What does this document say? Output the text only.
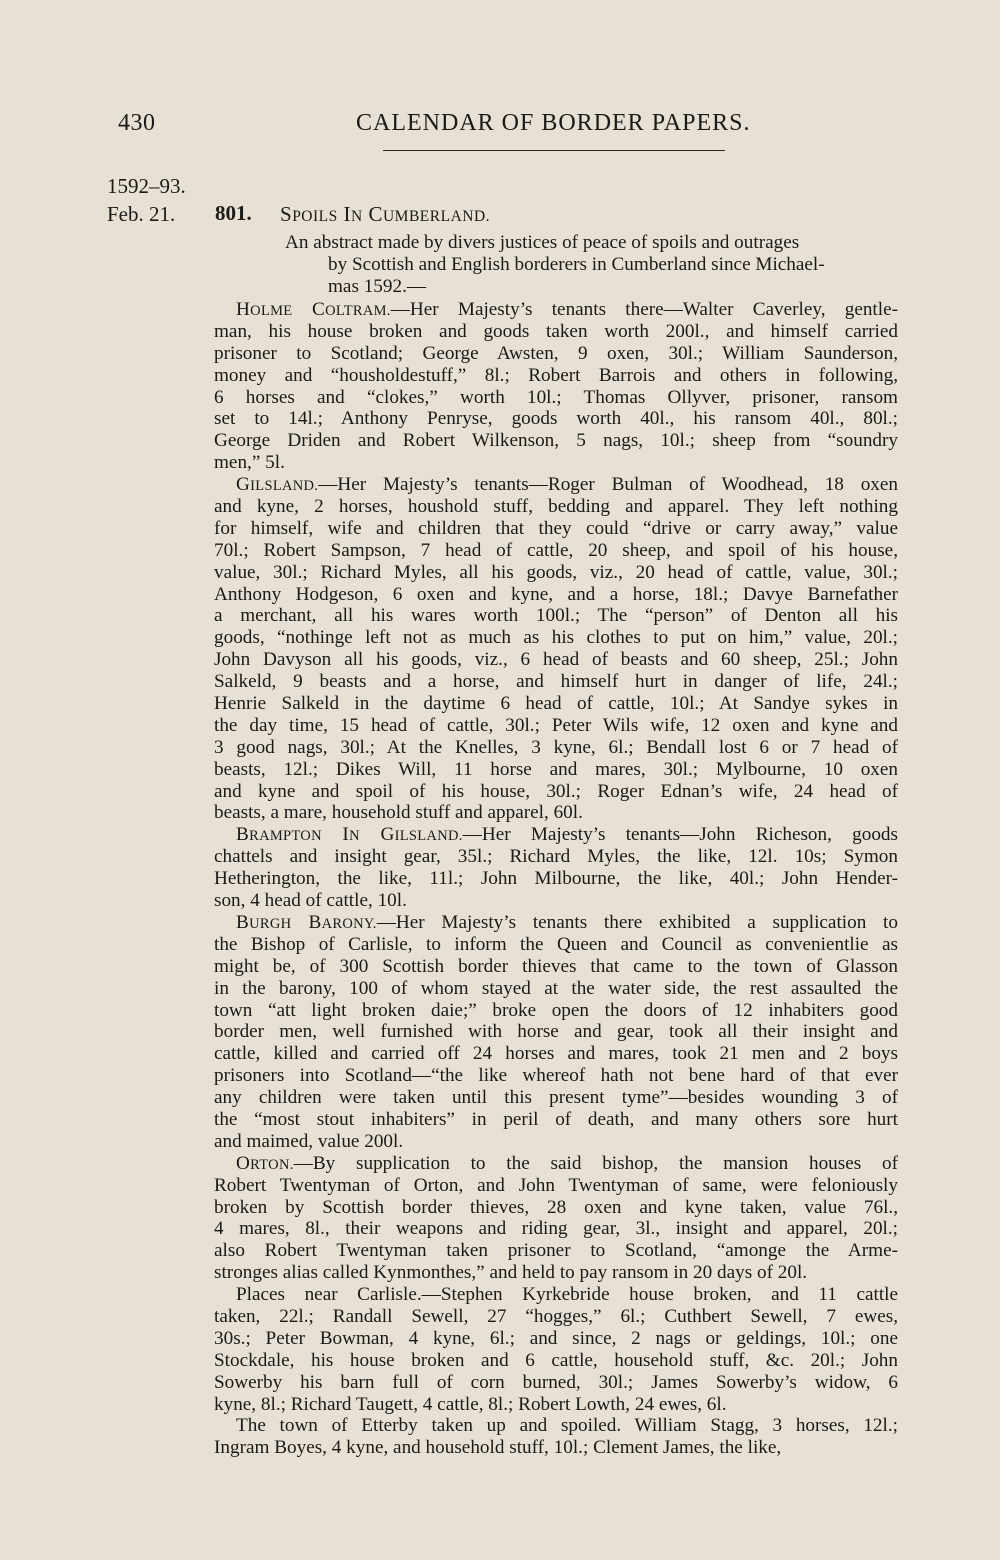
430	CALENDAR OF BORDER PAPERS.
1592–93.
Feb. 21. 801. SPOILS IN CUMBERLAND.
An abstract made by divers justices of peace of spoils and outrages
by Scottish and English borderers in Cumberland since Michael-
mas 1592.—
HOLME COLTRAM.—Her Majesty’s tenants there—Walter Caverley, gentle-
man, his house broken and goods taken worth 200l., and himself carried
prisoner to Scotland; George Awsten, 9 oxen, 30l.; William Saunderson,
money and “housholdestuff,” 8l.; Robert Barrois and others in following,
6 horses and “clokes,” worth 10l.; Thomas Ollyver, prisoner, ransom
set to 14l.; Anthony Penryse, goods worth 40l., his ransom 40l., 80l.;
George Driden and Robert Wilkenson, 5 nags, 10l.; sheep from “soundry
men,” 5l.
GILSLAND.—Her Majesty’s tenants—Roger Bulman of Woodhead, 18 oxen
and kyne, 2 horses, houshold stuff, bedding and apparel. They left nothing
for himself, wife and children that they could “drive or carry away,” value
70l.; Robert Sampson, 7 head of cattle, 20 sheep, and spoil of his house,
value, 30l.; Richard Myles, all his goods, viz., 20 head of cattle, value, 30l.;
Anthony Hodgeson, 6 oxen and kyne, and a horse, 18l.; Davye Barnefather
a merchant, all his wares worth 100l.; The “person” of Denton all his
goods, “nothinge left not as much as his clothes to put on him,” value, 20l.;
John Davyson all his goods, viz., 6 head of beasts and 60 sheep, 25l.; John
Salkeld, 9 beasts and a horse, and himself hurt in danger of life, 24l.;
Henrie Salkeld in the daytime 6 head of cattle, 10l.; At Sandye sykes in
the day time, 15 head of cattle, 30l.; Peter Wils wife, 12 oxen and kyne and
3 good nags, 30l.; At the Knelles, 3 kyne, 6l.; Bendall lost 6 or 7 head of
beasts, 12l.; Dikes Will, 11 horse and mares, 30l.; Mylbourne, 10 oxen
and kyne and spoil of his house, 30l.; Roger Ednan’s wife, 24 head of
beasts, a mare, household stuff and apparel, 60l.
BRAMPTON IN GILSLAND.—Her Majesty’s tenants—John Richeson, goods
chattels and insight gear, 35l.; Richard Myles, the like, 12l. 10s; Symon
Hetherington, the like, 11l.; John Milbourne, the like, 40l.; John Hender-
son, 4 head of cattle, 10l.
BURGH BARONY.—Her Majesty’s tenants there exhibited a supplication to
the Bishop of Carlisle, to inform the Queen and Council as convenientlie as
might be, of 300 Scottish border thieves that came to the town of Glasson
in the barony, 100 of whom stayed at the water side, the rest assaulted the
town “att light broken daie;” broke open the doors of 12 inhabiters good
border men, well furnished with horse and gear, took all their insight and
cattle, killed and carried off 24 horses and mares, took 21 men and 2 boys
prisoners into Scotland—“the like whereof hath not bene hard of that ever
any children were taken until this present tyme”—besides wounding 3 of
the “most stout inhabiters” in peril of death, and many others sore hurt
and maimed, value 200l.
ORTON.—By supplication to the said bishop, the mansion houses of
Robert Twentyman of Orton, and John Twentyman of same, were feloniously
broken by Scottish border thieves, 28 oxen and kyne taken, value 76l.,
4 mares, 8l., their weapons and riding gear, 3l., insight and apparel, 20l.;
also Robert Twentyman taken prisoner to Scotland, “amonge the Arme-
stronges alias called Kynmonthes,” and held to pay ransom in 20 days of 20l.
Places near Carlisle.—Stephen Kyrkebride house broken, and 11 cattle
taken, 22l.; Randall Sewell, 27 “hogges,” 6l.; Cuthbert Sewell, 7 ewes,
30s.; Peter Bowman, 4 kyne, 6l.; and since, 2 nags or geldings, 10l.; one
Stockdale, his house broken and 6 cattle, household stuff, &c. 20l.; John
Sowerby his barn full of corn burned, 30l.; James Sowerby’s widow, 6
kyne, 8l.; Richard Taugett, 4 cattle, 8l.; Robert Lowth, 24 ewes, 6l.
The town of Etterby taken up and spoiled. William Stagg, 3 horses, 12l.;
Ingram Boyes, 4 kyne, and household stuff, 10l.; Clement James, the like,
